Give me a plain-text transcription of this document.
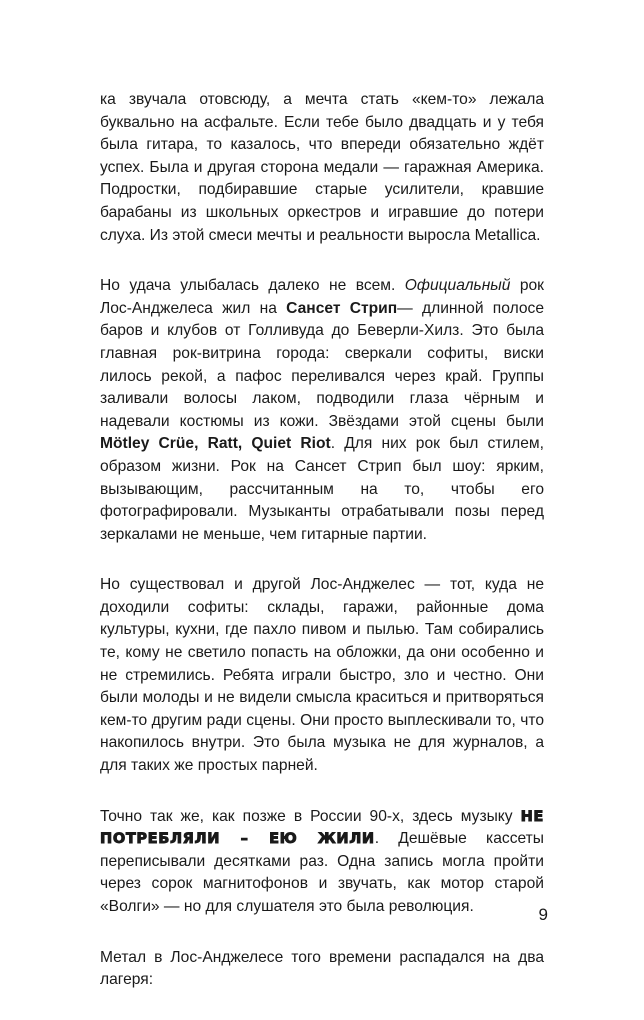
ка звучала отовсюду, а мечта стать «кем-то» лежала буквально на асфальте. Если тебе было двадцать и у тебя была гитара, то казалось, что впереди обязательно ждёт успех. Была и другая сторона медали — гаражная Америка. Подростки, подбиравшие старые усилители, кравшие барабаны из школьных оркестров и игравшие до потери слуха. Из этой смеси мечты и реальности выросла Metallica.

Но удача улыбалась далеко не всем. Официальный рок Лос-Анджелеса жил на Сансет Стрип— длинной полосе баров и клубов от Голливуда до Беверли-Хилз. Это была главная рок-витрина города: сверкали софиты, виски лилось рекой, а пафос переливался через край. Группы заливали волосы лаком, подводили глаза чёрным и надевали костюмы из кожи. Звёздами этой сцены были Mötley Crüe, Ratt, Quiet Riot. Для них рок был стилем, образом жизни. Рок на Сансет Стрип был шоу: ярким, вызывающим, рассчитанным на то, чтобы его фотографировали. Музыканты отрабатывали позы перед зеркалами не меньше, чем гитарные партии.

Но существовал и другой Лос-Анджелес — тот, куда не доходили софиты: склады, гаражи, районные дома культуры, кухни, где пахло пивом и пылью. Там собирались те, кому не светило попасть на обложки, да они особенно и не стремились. Ребята играли быстро, зло и честно. Они были молоды и не видели смысла краситься и притворяться кем-то другим ради сцены. Они просто выплескивали то, что накопилось внутри. Это была музыка не для журналов, а для таких же простых парней.

Точно так же, как позже в России 90-х, здесь музыку НЕ ПОТРЕБЛЯЛИ – ЕЮ ЖИЛИ. Дешёвые кассеты переписывали десятками раз. Одна запись могла пройти через сорок магнитофонов и звучать, как мотор старой «Волги» — но для слушателя это была революция.

Метал в Лос-Анджелесе того времени распадался на два лагеря:

9
